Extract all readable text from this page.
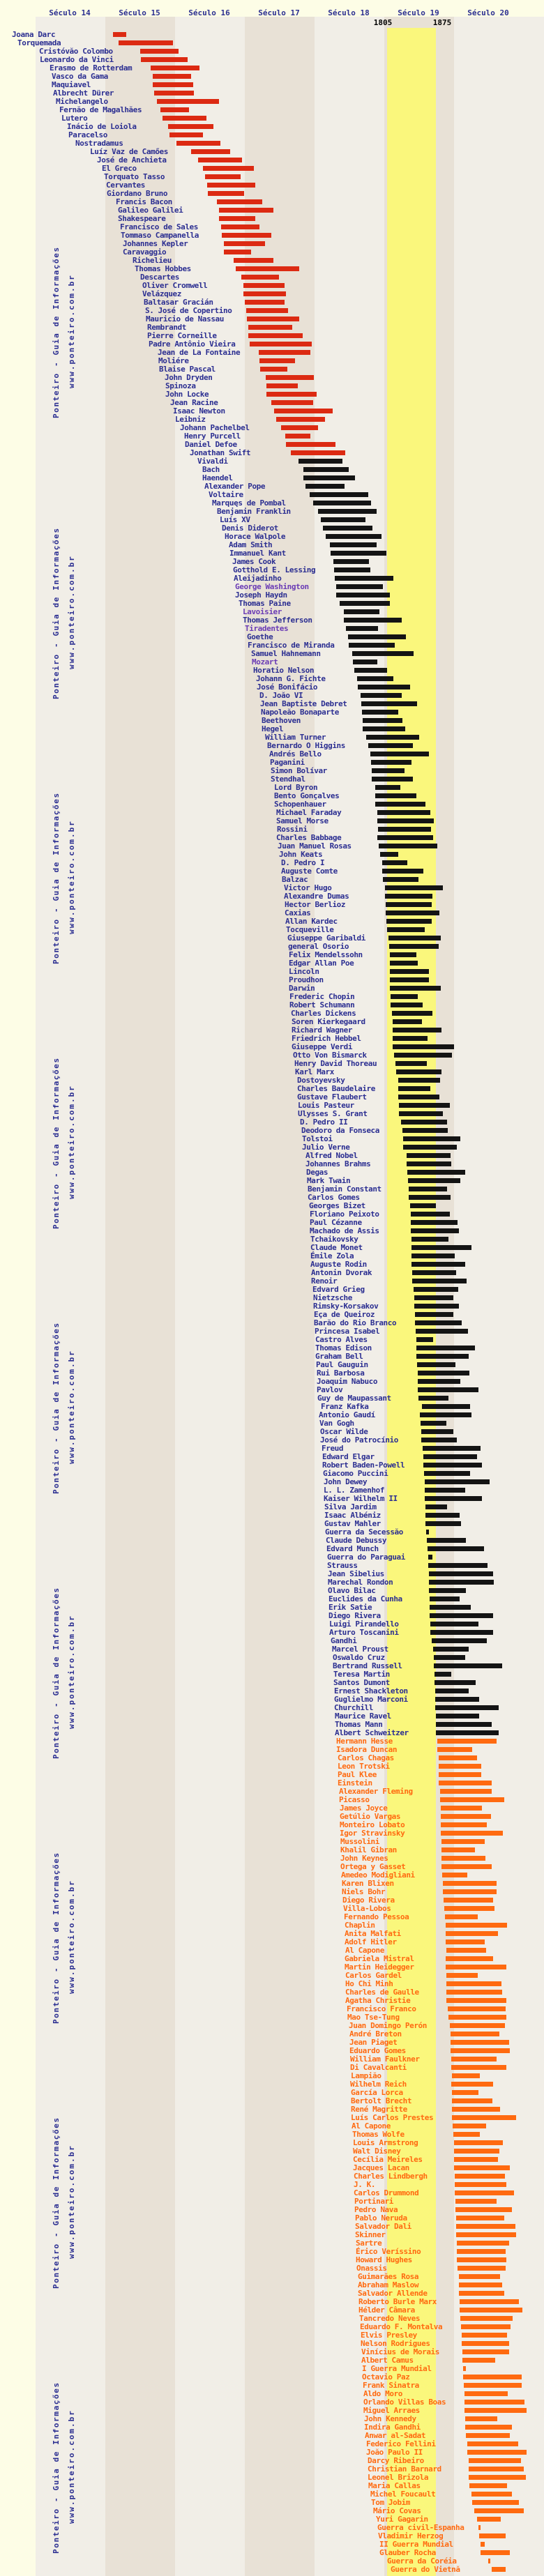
Século 14	Século 15	Século 16	Século 17	Século 18	Século 19	Século 20
1805	1875
Joana Darc
Torquemada
Cristóvăo Colombo
Leonardo da Vinci
Erasmo de Rotterdam
Vasco da Gama
Maquiavel
Albrecht Dürer
Michelangelo
Fernăo de Magalhăes
Lutero
Inácio de Loiola
Paracelso
Nostradamus
Luíz Vaz de Camőes
José de Anchieta
El Greco
Torquato Tasso
Cervantes
Giordano Bruno
Francis Bacon
Galileo Galilei
Shakespeare
Francisco de Sales
Tommaso Campanella
Johannes Kepler
Caravaggio
Richelieu
Thomas Hobbes
Descartes
Oliver Cromwell
Velázquez
Baltasar Gracián
S. José de Copertino
Mauricio de Nassau
Rembrandt
Pierre Corneille
Padre Antônio Vieira
Jean de La Fontaine
Moliére
Blaise Pascal
John Dryden
Spinoza
John Locke
Jean Racine
Isaac Newton
Leibniz
Johann Pachelbel
Henry Purcell
Daniel Defoe
Jonathan Swift
Vivaldi
Bach
Haendel
Alexander Pope
Voltaire
Marquęs de Pombal
Benjamin Franklin
Luís XV
Denis Diderot
Horace Walpole
Adam Smith
Immanuel Kant
James Cook
Gotthold E. Lessing
Aleijadinho
George Washington
Joseph Haydn
Thomas Paine
Lavoisier
Thomas Jefferson
Tiradentes
Goethe
Francisco de Miranda
Samuel Hahnemann
Mozart
Horatio Nelson
Johann G. Fichte
José Bonifácio
D. Joăo VI
Jean Baptiste Debret
Napoleăo Bonaparte
Beethoven
Hegel
William Turner
Bernardo O Higgins
Andrés Bello
Paganini
Simon Bolívar
Stendhal
Lord Byron
Bento Gonçalves
Schopenhauer
Michael Faraday
Samuel Morse
Rossini
Charles Babbage
Juan Manuel Rosas
John Keats
D. Pedro I
Auguste Comte
Balzac
Victor Hugo
Alexandre Dumas
Hector Berlioz
Caxias
Allan Kardec
Tocqueville
Giuseppe Garibaldi
general Osorio
Felix Mendelssohn
Edgar Allan Poe
Lincoln
Proudhon
Darwin
Frederic Chopin
Robert Schumann
Charles Dickens
Soren Kierkegaard
Richard Wagner
Friedrich Hebbel
Giuseppe Verdi
Otto Von Bismarck
Henry David Thoreau
Karl Marx
Dostoyevsky
Charles Baudelaire
Gustave Flaubert
Louis Pasteur
Ulysses S. Grant
D. Pedro II
Deodoro da Fonseca
Tolstoi
Julio Verne
Alfred Nobel
Johannes Brahms
Degas
Mark Twain
Benjamin Constant
Carlos Gomes
Georges Bizet
Floriano Peixoto
Paul Cézanne
Machado de Assis
Tchaikovsky
Claude Monet
Émile Zola
Auguste Rodin
Antonin Dvorak
Renoir
Edvard Grieg
Nietzsche
Rimsky-Korsakov
Eça de Queiroz
Barăo do Rio Branco
Princesa Isabel
Castro Alves
Thomas Edison
Graham Bell
Paul Gauguin
Rui Barbosa
Joaquim Nabuco
Pavlov
Guy de Maupassant
Franz Kafka
Antonio Gaudí
Van Gogh
Oscar Wilde
José do Patrocínio
Freud
Edward Elgar
Robert Baden-Powell
Giacomo Puccini
John Dewey
L. L. Zamenhof
Kaiser Wilhelm II
Silva Jardim
Isaac Albéniz
Gustav Mahler
Guerra da Secessăo
Claude Debussy
Edvard Munch
Guerra do Paraguai
Strauss
Jean Sibelius
Marechal Rondon
Olavo Bilac
Euclides da Cunha
Erik Satie
Diego Rivera
Luigi Pirandello
Arturo Toscanini
Gandhi
Marcel Proust
Oswaldo Cruz
Bertrand Russell
Teresa Martin
Santos Dumont
Ernest Shackleton
Guglielmo Marconi
Churchill
Maurice Ravel
Thomas Mann
Albert Schweitzer
Hermann Hesse
Isadora Duncan
Carlos Chagas
Leon Trotski
Paul Klee
Einstein
Alexander Fleming
Picasso
James Joyce
Getúlio Vargas
Monteiro Lobato
Igor Stravinsky
Mussolini
Khalil Gibran
John Keynes
Ortega y Gasset
Amedeo Modigliani
Karen Blixen
Niels Bohr
Diego Rivera
Villa-Lobos
Fernando Pessoa
Chaplin
Anita Malfati
Adolf Hitler
Al Capone
Gabriela Mistral
Martin Heidegger
Carlos Gardel
Ho Chi Minh
Charles de Gaulle
Agatha Christie
Francisco Franco
Mao Tse-Tung
Juan Domingo Perón
André Breton
Jean Piaget
Eduardo Gomes
William Faulkner
Di Cavalcanti
Lampiăo
Wilhelm Reich
García Lorca
Bertolt Brecht
René Magritte
Luís Carlos Prestes
Al Capone
Thomas Wolfe
Louis Armstrong
Walt Disney
Cecília Meireles
Jacques Lacan
Charles Lindbergh
J. K.
Carlos Drummond
Portinari
Pedro Nava
Pablo Neruda
Salvador Dali
Skinner
Sartre
Érico Veríssino
Howard Hughes
Onassis
Guimarăes Rosa
Abraham Maslow
Salvador Allende
Roberto Burle Marx
Hélder Câmara
Tancredo Neves
Eduardo F. Montalva
Elvis Presley
Nelson Rodrigues
Vinícius de Morais
Albert Camus
I Guerra Mundial
Octavio Paz
Frank Sinatra
Aldo Moro
Orlando Villas Boas
Miguel Arraes
John Kennedy
Indira Gandhi
Anwar al-Sadat
Federico Fellini
Joăo Paulo II
Darcy Ribeiro
Christian Barnard
Leonel Brizola
Maria Callas
Michel Foucault
Tom Jobim
Mário Covas
Yuri Gagarin
Guerra civil-Espanha
Vladimir Herzog
II Guerra Mundial
Glauber Rocha
Guerra da Coréia
Guerra do Vietnă
Ponteiro - Guia de Informaçőes www.ponteiro.com.br
Ponteiro - Guia de Informaçőes www.ponteiro.com.br
Ponteiro - Guia de Informaçőes www.ponteiro.com.br
Ponteiro - Guia de Informaçőes www.ponteiro.com.br
Ponteiro - Guia de Informaçőes www.ponteiro.com.br
Ponteiro - Guia de Informaçőes www.ponteiro.com.br
Ponteiro - Guia de Informaçőes www.ponteiro.com.br
Ponteiro - Guia de Informaçőes www.ponteiro.com.br
Ponteiro - Guia de Informaçőes www.ponteiro.com.br
